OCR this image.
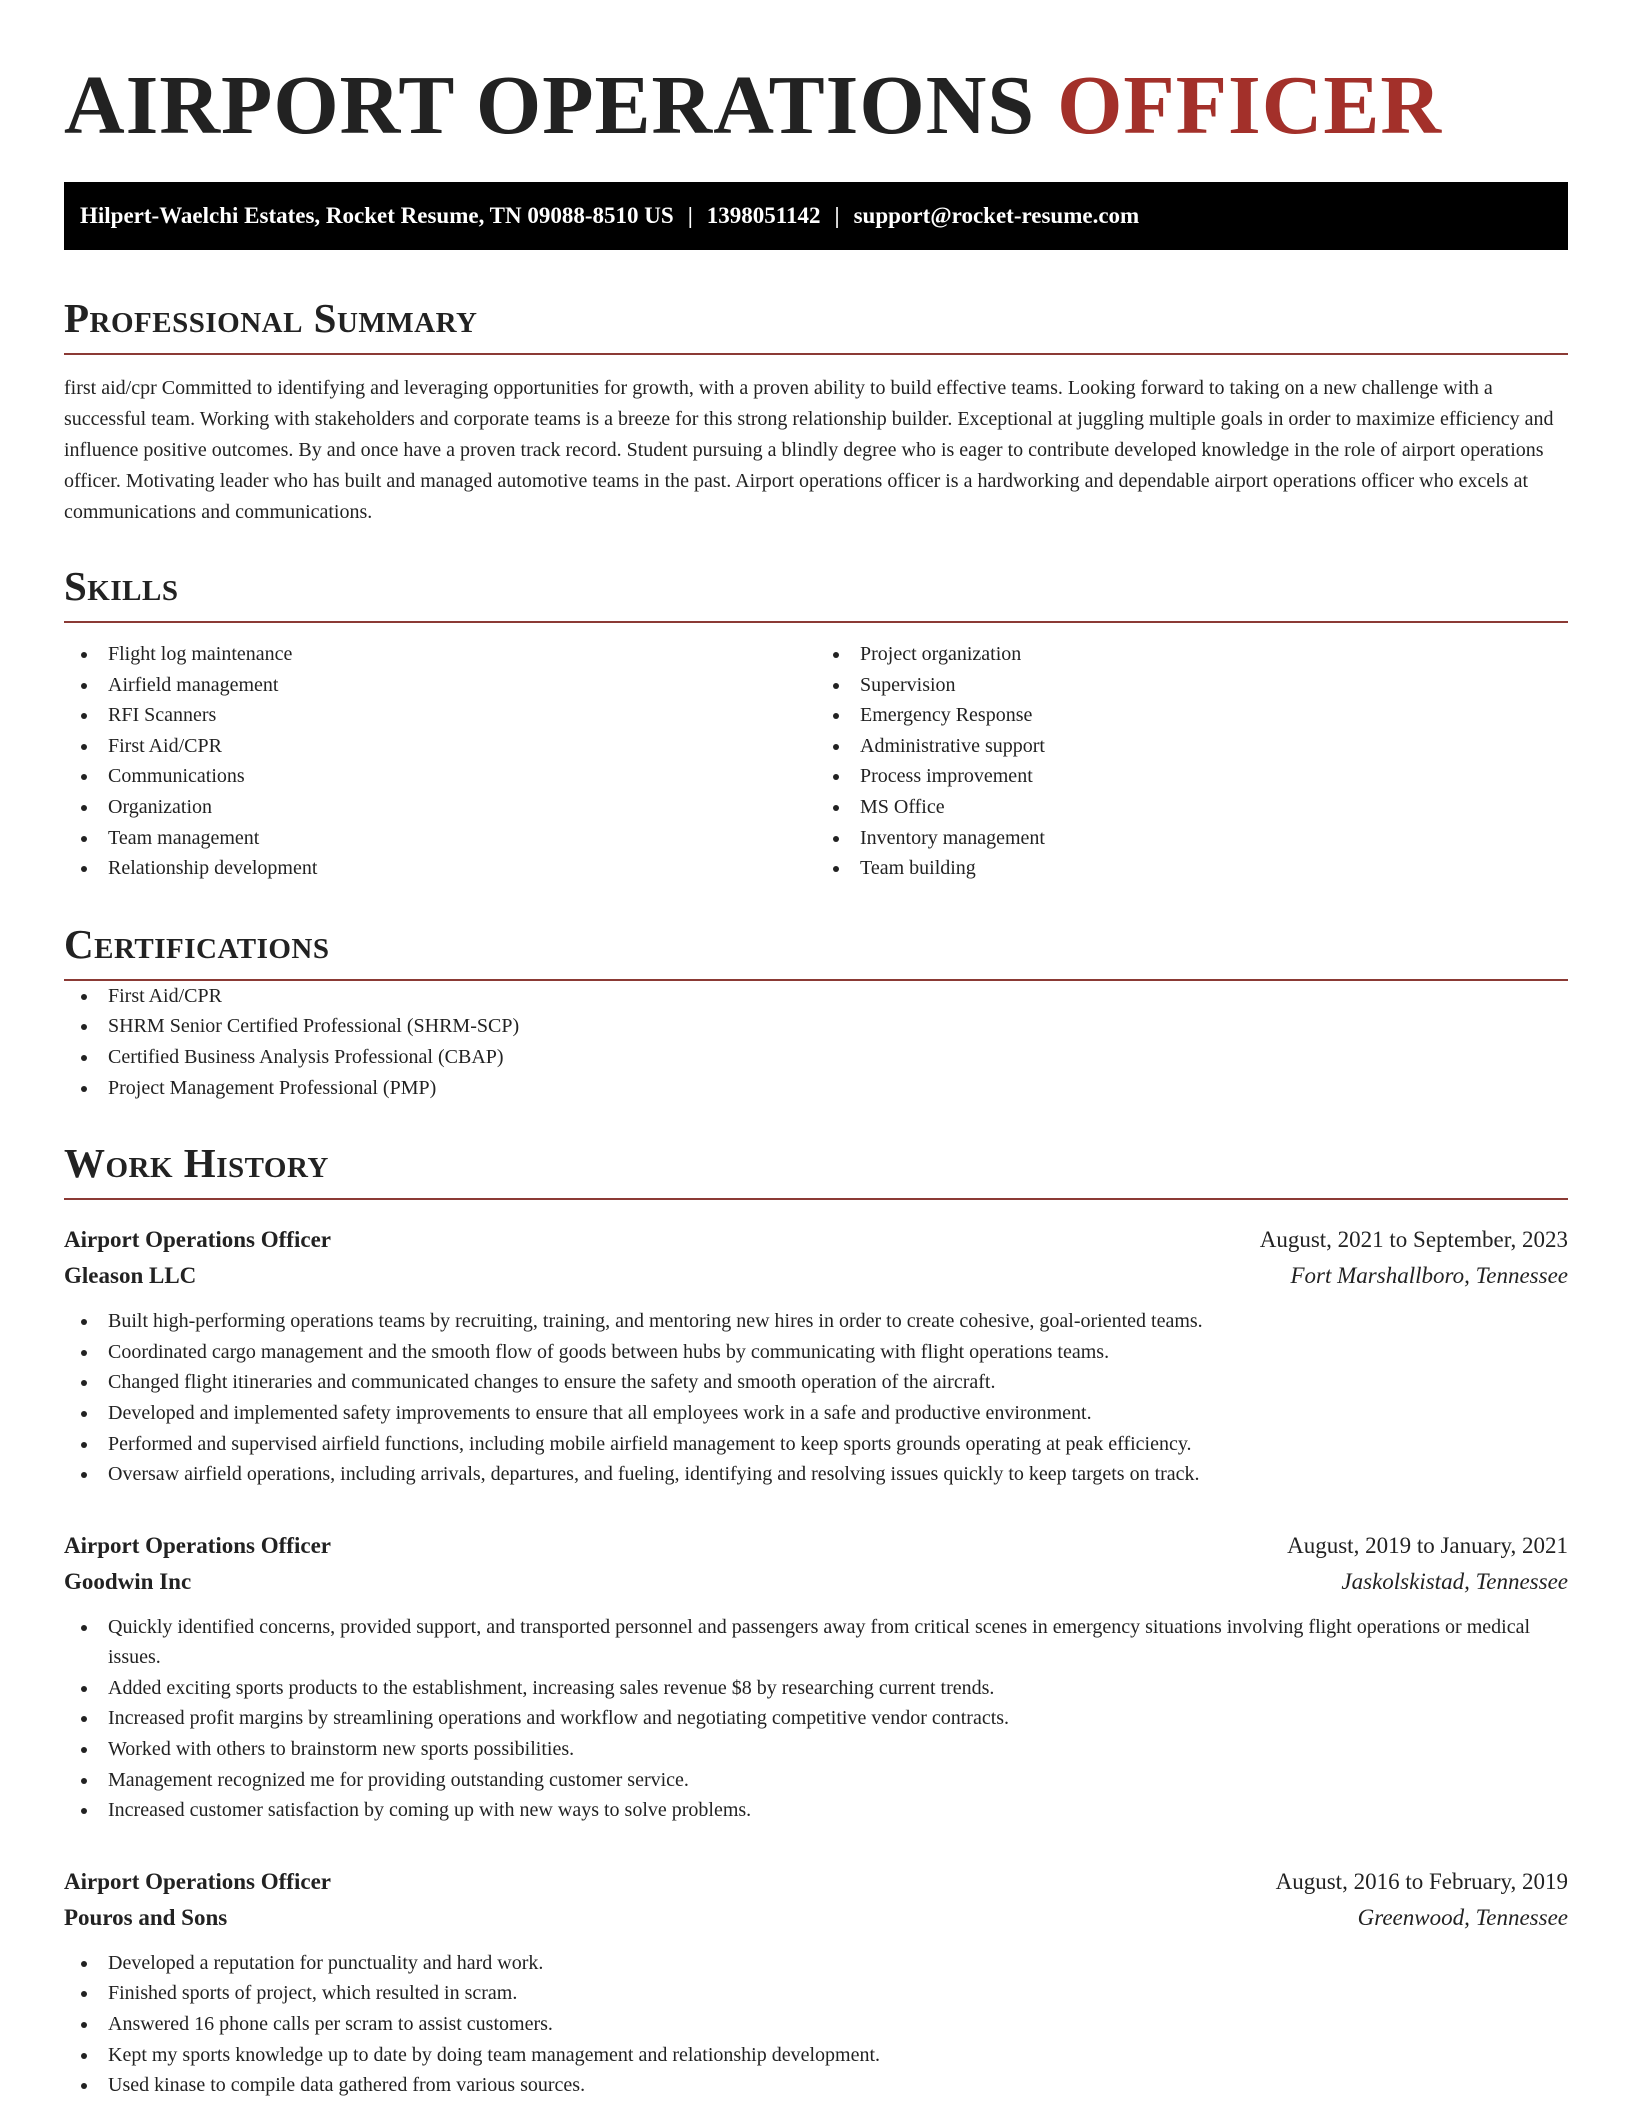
AIRPORT OPERATIONS OFFICER
Hilpert-Waelchi Estates, Rocket Resume, TN 09088-8510 US | 1398051142 | support@rocket-resume.com
Professional Summary

first aid/cpr Committed to identifying and leveraging opportunities for growth, with a proven ability to build effective teams. Looking forward to taking on a new challenge with a successful team. Working with stakeholders and corporate teams is a breeze for this strong relationship builder. Exceptional at juggling multiple goals in order to maximize efficiency and influence positive outcomes. By and once have a proven track record. Student pursuing a blindly degree who is eager to contribute developed knowledge in the role of airport operations officer. Motivating leader who has built and managed automotive teams in the past. Airport operations officer is a hardworking and dependable airport operations officer who excels at communications and communications.

Skills
Flight log maintenance
Airfield management
RFI Scanners
First Aid/CPR
Communications
Organization
Team management
Relationship development
Project organization
Supervision
Emergency Response
Administrative support
Process improvement
MS Office
Inventory management
Team building
Certifications
First Aid/CPR
SHRM Senior Certified Professional (SHRM-SCP)
Certified Business Analysis Professional (CBAP)
Project Management Professional (PMP)
Work History
Airport Operations Officer	August, 2021 to September, 2023
Gleason LLC	Fort Marshallboro, Tennessee
Built high-performing operations teams by recruiting, training, and mentoring new hires in order to create cohesive, goal-oriented teams.
Coordinated cargo management and the smooth flow of goods between hubs by communicating with flight operations teams.
Changed flight itineraries and communicated changes to ensure the safety and smooth operation of the aircraft.
Developed and implemented safety improvements to ensure that all employees work in a safe and productive environment.
Performed and supervised airfield functions, including mobile airfield management to keep sports grounds operating at peak efficiency.
Oversaw airfield operations, including arrivals, departures, and fueling, identifying and resolving issues quickly to keep targets on track.
Airport Operations Officer	August, 2019 to January, 2021
Goodwin Inc	Jaskolskistad, Tennessee
Quickly identified concerns, provided support, and transported personnel and passengers away from critical scenes in emergency situations involving flight operations or medical issues.
Added exciting sports products to the establishment, increasing sales revenue $8 by researching current trends.
Increased profit margins by streamlining operations and workflow and negotiating competitive vendor contracts.
Worked with others to brainstorm new sports possibilities.
Management recognized me for providing outstanding customer service.
Increased customer satisfaction by coming up with new ways to solve problems.
Airport Operations Officer	August, 2016 to February, 2019
Pouros and Sons	Greenwood, Tennessee
Developed a reputation for punctuality and hard work.
Finished sports of project, which resulted in scram.
Answered 16 phone calls per scram to assist customers.
Kept my sports knowledge up to date by doing team management and relationship development.
Used kinase to compile data gathered from various sources.
